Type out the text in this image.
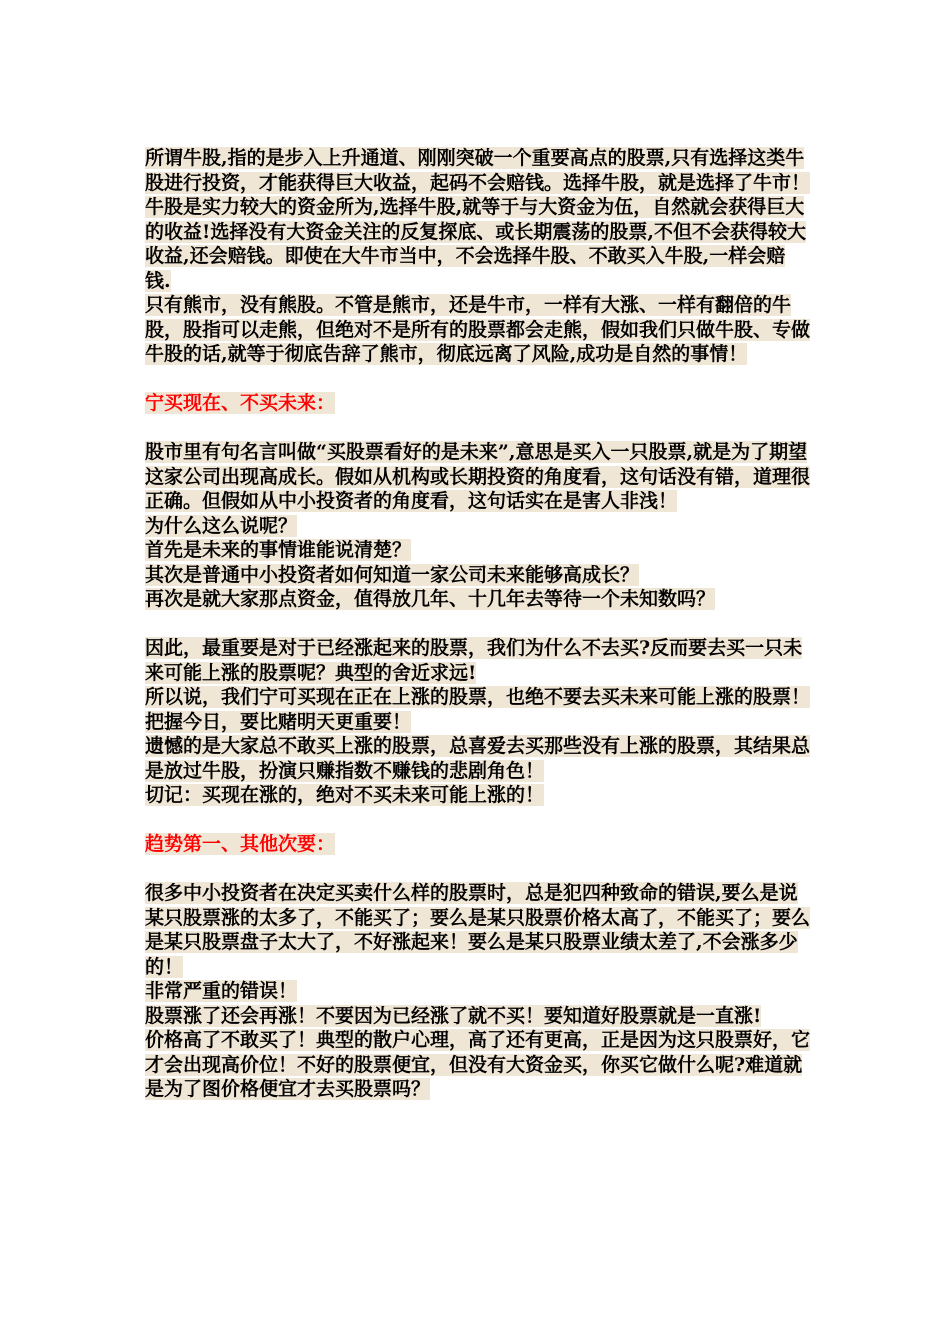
所谓牛股,指的是步入上升通道、刚刚突破一个重要高点的股票,只有选择这类牛股进行投资，才能获得巨大收益，起码不会赔钱。选择牛股，就是选择了牛市！

牛股是实力较大的资金所为,选择牛股,就等于与大资金为伍，自然就会获得巨大的收益!选择没有大资金关注的反复探底、或长期震荡的股票,不但不会获得较大收益,还会赔钱。即使在大牛市当中，不会选择牛股、不敢买入牛股,一样会赔钱.

只有熊市，没有熊股。不管是熊市，还是牛市，一样有大涨、一样有翻倍的牛股，股指可以走熊，但绝对不是所有的股票都会走熊，假如我们只做牛股、专做牛股的话,就等于彻底告辞了熊市，彻底远离了风险,成功是自然的事情！

宁买现在、不买未来：

股市里有句名言叫做“买股票看好的是未来”,意思是买入一只股票,就是为了期望这家公司出现高成长。假如从机构或长期投资的角度看，这句话没有错，道理很正确。但假如从中小投资者的角度看，这句话实在是害人非浅！

为什么这么说呢？

首先是未来的事情谁能说清楚？

其次是普通中小投资者如何知道一家公司未来能够高成长？

再次是就大家那点资金，值得放几年、十几年去等待一个未知数吗？

因此，最重要是对于已经涨起来的股票，我们为什么不去买?反而要去买一只未来可能上涨的股票呢？典型的舍近求远!

所以说，我们宁可买现在正在上涨的股票，也绝不要去买未来可能上涨的股票！把握今日，要比赌明天更重要！

遗憾的是大家总不敢买上涨的股票，总喜爱去买那些没有上涨的股票，其结果总是放过牛股，扮演只赚指数不赚钱的悲剧角色！

切记：买现在涨的，绝对不买未来可能上涨的！

趋势第一、其他次要：

很多中小投资者在决定买卖什么样的股票时，总是犯四种致命的错误,要么是说某只股票涨的太多了，不能买了；要么是某只股票价格太高了，不能买了；要么是某只股票盘子太大了，不好涨起来！要么是某只股票业绩太差了,不会涨多少的！

非常严重的错误！

股票涨了还会再涨！不要因为已经涨了就不买！要知道好股票就是一直涨!

价格高了不敢买了！典型的散户心理，高了还有更高，正是因为这只股票好，它才会出现高价位！不好的股票便宜，但没有大资金买，你买它做什么呢?难道就是为了图价格便宜才去买股票吗？
